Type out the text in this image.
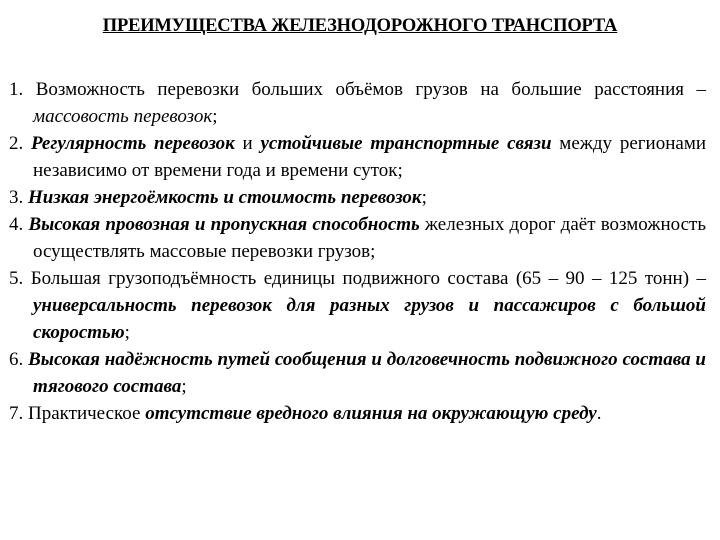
ПРЕИМУЩЕСТВА ЖЕЛЕЗНОДОРОЖНОГО ТРАНСПОРТА
1. Возможность перевозки больших объёмов грузов на большие расстояния – массовость перевозок;
2. Регулярность перевозок и устойчивые транспортные связи между регионами независимо от времени года и времени суток;
3. Низкая энергоёмкость и стоимость перевозок;
4. Высокая провозная и пропускная способность железных дорог даёт возможность осуществлять массовые перевозки грузов;
5. Большая грузоподъёмность единицы подвижного состава (65 – 90 – 125 тонн) – универсальность перевозок для разных грузов и пассажиров с большой скоростью;
6. Высокая надёжность путей сообщения и долговечность подвижного состава и тягового состава;
7. Практическое отсутствие вредного влияния на окружающую среду.
